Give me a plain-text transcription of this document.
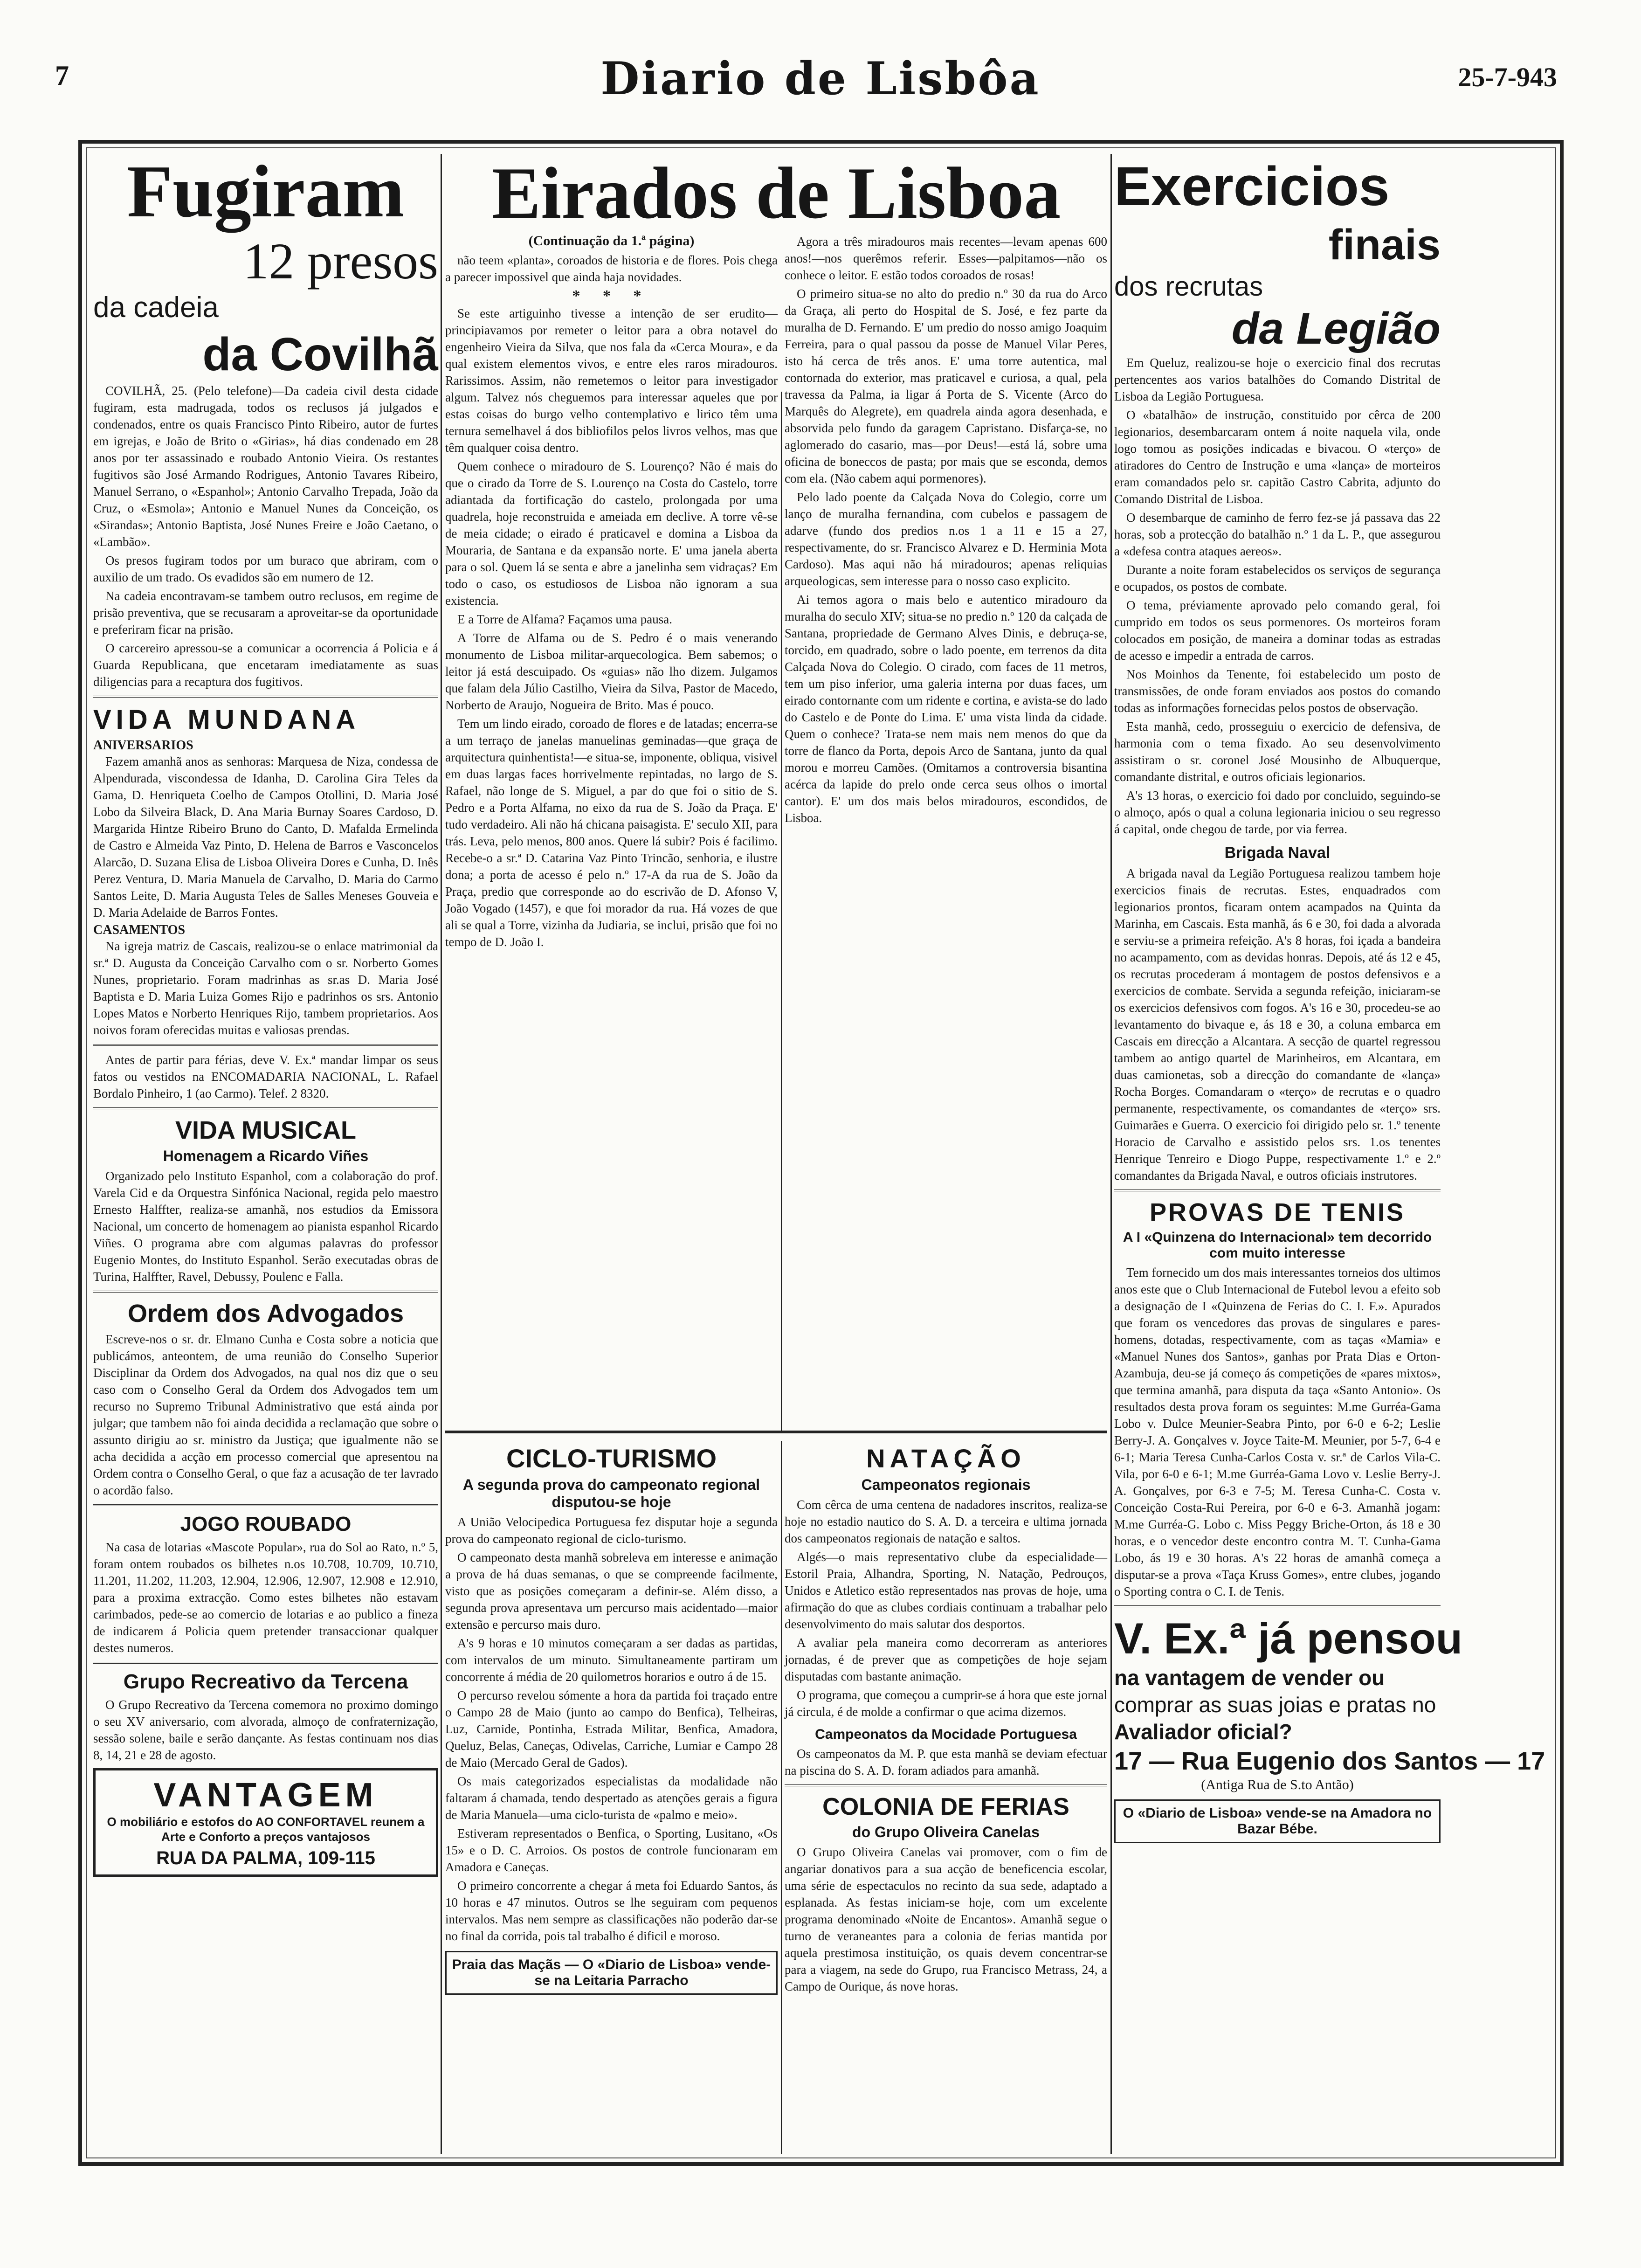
7	Diario de Lisbôa	25-7-943
Fugiram
12 presos
da cadeia
da Covilhã

COVILHÃ, 25. (Pelo telefone)—Da cadeia civil desta cidade fugiram, esta madrugada, todos os reclusos já julgados e condenados, entre os quais Francisco Pinto Ribeiro, autor de furtes em igrejas, e João de Brito o «Girias», há dias condenado em 28 anos por ter assassinado e roubado Antonio Vieira. Os restantes fugitivos são José Armando Rodrigues, Antonio Tavares Ribeiro, Manuel Serrano, o «Espanhol»; Antonio Carvalho Trepada, João da Cruz, o «Esmola»; Antonio e Manuel Nunes da Conceição, os «Sirandas»; Antonio Baptista, José Nunes Freire e João Caetano, o «Lambão».

Os presos fugiram todos por um buraco que abriram, com o auxilio de um trado. Os evadidos são em numero de 12.

Na cadeia encontravam-se tambem outro reclusos, em regime de prisão preventiva, que se recusaram a aproveitar-se da oportunidade e preferiram ficar na prisão.

O carcereiro apressou-se a comunicar a ocorrencia á Policia e á Guarda Republicana, que encetaram imediatamente as suas diligencias para a recaptura dos fugitivos.

VIDA MUNDANA
ANIVERSARIOS

Fazem amanhã anos as senhoras: Marquesa de Niza, condessa de Alpendurada, viscondessa de Idanha, D. Carolina Gira Teles da Gama, D. Henriqueta Coelho de Campos Otollini, D. Maria José Lobo da Silveira Black, D. Ana Maria Burnay Soares Cardoso, D. Margarida Hintze Ribeiro Bruno do Canto, D. Mafalda Ermelinda de Castro e Almeida Vaz Pinto, D. Helena de Barros e Vasconcelos Alarcão, D. Suzana Elisa de Lisboa Oliveira Dores e Cunha, D. Inês Perez Ventura, D. Maria Manuela de Carvalho, D. Maria do Carmo Santos Leite, D. Maria Augusta Teles de Salles Meneses Gouveia e D. Maria Adelaide de Barros Fontes.

CASAMENTOS

Na igreja matriz de Cascais, realizou-se o enlace matrimonial da sr.ª D. Augusta da Conceição Carvalho com o sr. Norberto Gomes Nunes, proprietario. Foram madrinhas as sr.as D. Maria José Baptista e D. Maria Luiza Gomes Rijo e padrinhos os srs. Antonio Lopes Matos e Norberto Henriques Rijo, tambem proprietarios. Aos noivos foram oferecidas muitas e valiosas prendas.

Antes de partir para férias, deve V. Ex.ª mandar limpar os seus fatos ou vestidos na ENCOMADARIA NACIONAL, L. Rafael Bordalo Pinheiro, 1 (ao Carmo). Telef. 2 8320.

VIDA MUSICAL
Homenagem a Ricardo Viñes

Organizado pelo Instituto Espanhol, com a colaboração do prof. Varela Cid e da Orquestra Sinfónica Nacional, regida pelo maestro Ernesto Halffter, realiza-se amanhã, nos estudios da Emissora Nacional, um concerto de homenagem ao pianista espanhol Ricardo Viñes. O programa abre com algumas palavras do professor Eugenio Montes, do Instituto Espanhol. Serão executadas obras de Turina, Halffter, Ravel, Debussy, Poulenc e Falla.

Ordem dos Advogados

Escreve-nos o sr. dr. Elmano Cunha e Costa sobre a noticia que publicámos, anteontem, de uma reunião do Conselho Superior Disciplinar da Ordem dos Advogados, na qual nos diz que o seu caso com o Conselho Geral da Ordem dos Advogados tem um recurso no Supremo Tribunal Administrativo que está ainda por julgar; que tambem não foi ainda decidida a reclamação que sobre o assunto dirigiu ao sr. ministro da Justiça; que igualmente não se acha decidida a acção em processo comercial que apresentou na Ordem contra o Conselho Geral, o que faz a acusação de ter lavrado o acordão falso.

JOGO ROUBADO

Na casa de lotarias «Mascote Popular», rua do Sol ao Rato, n.º 5, foram ontem roubados os bilhetes n.os 10.708, 10.709, 10.710, 11.201, 11.202, 11.203, 12.904, 12.906, 12.907, 12.908 e 12.910, para a proxima extracção. Como estes bilhetes não estavam carimbados, pede-se ao comercio de lotarias e ao publico a fineza de indicarem á Policia quem pretender transaccionar qualquer destes numeros.

Grupo Recreativo da Tercena

O Grupo Recreativo da Tercena comemora no proximo domingo o seu XV aniversario, com alvorada, almoço de confraternização, sessão solene, baile e serão dançante. As festas continuam nos dias 8, 14, 21 e 28 de agosto.

VANTAGEM
O mobiliário e estofos do AO CONFORTAVEL reunem a Arte e Conforto a preços vantajosos
RUA DA PALMA, 109-115
Eirados de Lisboa
(Continuação da 1.ª página)

não teem «planta», coroados de historia e de flores. Pois chega a parecer impossivel que ainda haja novidades.

* * *

Se este artiguinho tivesse a intenção de ser erudito—principiavamos por remeter o leitor para a obra notavel do engenheiro Vieira da Silva, que nos fala da «Cerca Moura», e da qual existem elementos vivos, e entre eles raros miradouros. Rarissimos. Assim, não remetemos o leitor para investigador algum. Talvez nós cheguemos para interessar aqueles que por estas coisas do burgo velho contemplativo e lirico têm uma ternura semelhavel á dos bibliofilos pelos livros velhos, mas que têm qualquer coisa dentro.

Quem conhece o miradouro de S. Lourenço? Não é mais do que o cirado da Torre de S. Lourenço na Costa do Castelo, torre adiantada da fortificação do castelo, prolongada por uma quadrela, hoje reconstruida e ameiada em declive. A torre vê-se de meia cidade; o eirado é praticavel e domina a Lisboa da Mouraria, de Santana e da expansão norte. E' uma janela aberta para o sol. Quem lá se senta e abre a janelinha sem vidraças? Em todo o caso, os estudiosos de Lisboa não ignoram a sua existencia.

E a Torre de Alfama? Façamos uma pausa.

A Torre de Alfama ou de S. Pedro é o mais venerando monumento de Lisboa militar-arquecologica. Bem sabemos; o leitor já está descuipado. Os «guias» não lho dizem. Julgamos que falam dela Júlio Castilho, Vieira da Silva, Pastor de Macedo, Norberto de Araujo, Nogueira de Brito. Mas é pouco.

Tem um lindo eirado, coroado de flores e de latadas; encerra-se a um terraço de janelas manuelinas geminadas—que graça de arquitectura quinhentista!—e situa-se, imponente, obliqua, visivel em duas largas faces horrivelmente repintadas, no largo de S. Rafael, não longe de S. Miguel, a par do que foi o sitio de S. Pedro e a Porta Alfama, no eixo da rua de S. João da Praça. E' tudo verdadeiro. Ali não há chicana paisagista. E' seculo XII, para trás. Leva, pelo menos, 800 anos. Quere lá subir? Pois é facilimo. Recebe-o a sr.ª D. Catarina Vaz Pinto Trincão, senhoria, e ilustre dona; a porta de acesso é pelo n.º 17-A da rua de S. João da Praça, predio que corresponde ao do escrivão de D. Afonso V, João Vogado (1457), e que foi morador da rua. Há vozes de que ali se qual a Torre, vizinha da Judiaria, se inclui, prisão que foi no tempo de D. João I.

Agora a três miradouros mais recentes—levam apenas 600 anos!—nos querêmos referir. Esses—palpitamos—não os conhece o leitor. E estão todos coroados de rosas!

O primeiro situa-se no alto do predio n.º 30 da rua do Arco da Graça, ali perto do Hospital de S. José, e fez parte da muralha de D. Fernando. E' um predio do nosso amigo Joaquim Ferreira, para o qual passou da posse de Manuel Vilar Peres, isto há cerca de três anos. E' uma torre autentica, mal contornada do exterior, mas praticavel e curiosa, a qual, pela travessa da Palma, ia ligar á Porta de S. Vicente (Arco do Marquês do Alegrete), em quadrela ainda agora desenhada, e absorvida pelo fundo da garagem Capristano. Disfarça-se, no aglomerado do casario, mas—por Deus!—está lá, sobre uma oficina de boneccos de pasta; por mais que se esconda, demos com ela. (Não cabem aqui pormenores).

Pelo lado poente da Calçada Nova do Colegio, corre um lanço de muralha fernandina, com cubelos e passagem de adarve (fundo dos predios n.os 1 a 11 e 15 a 27, respectivamente, do sr. Francisco Alvarez e D. Herminia Mota Cardoso). Mas aqui não há miradouros; apenas reliquias arqueologicas, sem interesse para o nosso caso explicito.

Ai temos agora o mais belo e autentico miradouro da muralha do seculo XIV; situa-se no predio n.º 120 da calçada de Santana, propriedade de Germano Alves Dinis, e debruça-se, torcido, em quadrado, sobre o lado poente, em terrenos da dita Calçada Nova do Colegio. O cirado, com faces de 11 metros, tem um piso inferior, uma galeria interna por duas faces, um eirado contornante com um ridente e cortina, e avista-se do lado do Castelo e de Ponte do Lima. E' uma vista linda da cidade. Quem o conhece? Trata-se nem mais nem menos do que da torre de flanco da Porta, depois Arco de Santana, junto da qual morou e morreu Camões. (Omitamos a controversia bisantina acérca da lapide do prelo onde cerca seus olhos o imortal cantor). E' um dos mais belos miradouros, escondidos, de Lisboa.

CICLO-TURISMO
A segunda prova do campeonato regional disputou-se hoje

A União Velocipedica Portuguesa fez disputar hoje a segunda prova do campeonato regional de ciclo-turismo.

O campeonato desta manhã sobreleva em interesse e animação a prova de há duas semanas, o que se compreende facilmente, visto que as posições começaram a definir-se. Além disso, a segunda prova apresentava um percurso mais acidentado—maior extensão e percurso mais duro.

A's 9 horas e 10 minutos começaram a ser dadas as partidas, com intervalos de um minuto. Simultaneamente partiram um concorrente á média de 20 quilometros horarios e outro á de 15.

O percurso revelou sómente a hora da partida foi traçado entre o Campo 28 de Maio (junto ao campo do Benfica), Telheiras, Luz, Carnide, Pontinha, Estrada Militar, Benfica, Amadora, Queluz, Belas, Caneças, Odivelas, Carriche, Lumiar e Campo 28 de Maio (Mercado Geral de Gados).

Os mais categorizados especialistas da modalidade não faltaram á chamada, tendo despertado as atenções gerais a figura de Maria Manuela—uma ciclo-turista de «palmo e meio».

Estiveram representados o Benfica, o Sporting, Lusitano, «Os 15» e o D. C. Arroios. Os postos de controle funcionaram em Amadora e Caneças.

O primeiro concorrente a chegar á meta foi Eduardo Santos, ás 10 horas e 47 minutos. Outros se lhe seguiram com pequenos intervalos. Mas nem sempre as classificações não poderão dar-se no final da corrida, pois tal trabalho é dificil e moroso.

Praia das Maçãs — O «Diario de Lisboa» vende-se na Leitaria Parracho
NATAÇÃO
Campeonatos regionais

Com cêrca de uma centena de nadadores inscritos, realiza-se hoje no estadio nautico do S. A. D. a terceira e ultima jornada dos campeonatos regionais de natação e saltos.

Algés—o mais representativo clube da especialidade—Estoril Praia, Alhandra, Sporting, N. Natação, Pedrouços, Unidos e Atletico estão representados nas provas de hoje, uma afirmação do que as clubes cordiais continuam a trabalhar pelo desenvolvimento do mais salutar dos desportos.

A avaliar pela maneira como decorreram as anteriores jornadas, é de prever que as competições de hoje sejam disputadas com bastante animação.

O programa, que começou a cumprir-se á hora que este jornal já circula, é de molde a confirmar o que acima dizemos.

Campeonatos da Mocidade Portuguesa

Os campeonatos da M. P. que esta manhã se deviam efectuar na piscina do S. A. D. foram adiados para amanhã.

COLONIA DE FERIAS
do Grupo Oliveira Canelas

O Grupo Oliveira Canelas vai promover, com o fim de angariar donativos para a sua acção de beneficencia escolar, uma série de espectaculos no recinto da sua sede, adaptado a esplanada. As festas iniciam-se hoje, com um excelente programa denominado «Noite de Encantos». Amanhã segue o turno de veraneantes para a colonia de ferias mantida por aquela prestimosa instituição, os quais devem concentrar-se para a viagem, na sede do Grupo, rua Francisco Metrass, 24, a Campo de Ourique, ás nove horas.

Exercicios
finais
dos recrutas
da Legião

Em Queluz, realizou-se hoje o exercicio final dos recrutas pertencentes aos varios batalhões do Comando Distrital de Lisboa da Legião Portuguesa.

O «batalhão» de instrução, constituido por cêrca de 200 legionarios, desembarcaram ontem á noite naquela vila, onde logo tomou as posições indicadas e bivacou. O «terço» de atiradores do Centro de Instrução e uma «lança» de morteiros eram comandados pelo sr. capitão Castro Cabrita, adjunto do Comando Distrital de Lisboa.

O desembarque de caminho de ferro fez-se já passava das 22 horas, sob a protecção do batalhão n.º 1 da L. P., que assegurou a «defesa contra ataques aereos».

Durante a noite foram estabelecidos os serviços de segurança e ocupados, os postos de combate.

O tema, préviamente aprovado pelo comando geral, foi cumprido em todos os seus pormenores. Os morteiros foram colocados em posição, de maneira a dominar todas as estradas de acesso e impedir a entrada de carros.

Nos Moinhos da Tenente, foi estabelecido um posto de transmissões, de onde foram enviados aos postos do comando todas as informações fornecidas pelos postos de observação.

Esta manhã, cedo, prosseguiu o exercicio de defensiva, de harmonia com o tema fixado. Ao seu desenvolvimento assistiram o sr. coronel José Mousinho de Albuquerque, comandante distrital, e outros oficiais legionarios.

A's 13 horas, o exercicio foi dado por concluido, seguindo-se o almoço, após o qual a coluna legionaria iniciou o seu regresso á capital, onde chegou de tarde, por via ferrea.

Brigada Naval

A brigada naval da Legião Portuguesa realizou tambem hoje exercicios finais de recrutas. Estes, enquadrados com legionarios prontos, ficaram ontem acampados na Quinta da Marinha, em Cascais. Esta manhã, ás 6 e 30, foi dada a alvorada e serviu-se a primeira refeição. A's 8 horas, foi içada a bandeira no acampamento, com as devidas honras. Depois, até ás 12 e 45, os recrutas procederam á montagem de postos defensivos e a exercicios de combate. Servida a segunda refeição, iniciaram-se os exercicios defensivos com fogos. A's 16 e 30, procedeu-se ao levantamento do bivaque e, ás 18 e 30, a coluna embarca em Cascais em direcção a Alcantara. A secção de quartel regressou tambem ao antigo quartel de Marinheiros, em Alcantara, em duas camionetas, sob a direcção do comandante de «lança» Rocha Borges. Comandaram o «terço» de recrutas e o quadro permanente, respectivamente, os comandantes de «terço» srs. Guimarães e Guerra. O exercicio foi dirigido pelo sr. 1.º tenente Horacio de Carvalho e assistido pelos srs. 1.os tenentes Henrique Tenreiro e Diogo Puppe, respectivamente 1.º e 2.º comandantes da Brigada Naval, e outros oficiais instrutores.

PROVAS DE TENIS
A I «Quinzena do Internacional» tem decorrido com muito interesse

Tem fornecido um dos mais interessantes torneios dos ultimos anos este que o Club Internacional de Futebol levou a efeito sob a designação de I «Quinzena de Ferias do C. I. F.». Apurados que foram os vencedores das provas de singulares e pares-homens, dotadas, respectivamente, com as taças «Mamia» e «Manuel Nunes dos Santos», ganhas por Prata Dias e Orton-Azambuja, deu-se já começo ás competições de «pares mixtos», que termina amanhã, para disputa da taça «Santo Antonio». Os resultados desta prova foram os seguintes: M.me Gurréa-Gama Lobo v. Dulce Meunier-Seabra Pinto, por 6-0 e 6-2; Leslie Berry-J. A. Gonçalves v. Joyce Taite-M. Meunier, por 5-7, 6-4 e 6-1; Maria Teresa Cunha-Carlos Costa v. sr.ª de Carlos Vila-C. Vila, por 6-0 e 6-1; M.me Gurréa-Gama Lovo v. Leslie Berry-J. A. Gonçalves, por 6-3 e 7-5; M. Teresa Cunha-C. Costa v. Conceição Costa-Rui Pereira, por 6-0 e 6-3. Amanhã jogam: M.me Gurréa-G. Lobo c. Miss Peggy Briche-Orton, ás 18 e 30 horas, e o vencedor deste encontro contra M. T. Cunha-Gama Lobo, ás 19 e 30 horas. A's 22 horas de amanhã começa a disputar-se a prova «Taça Kruss Gomes», entre clubes, jogando o Sporting contra o C. I. de Tenis.

V. Ex.ª já pensou
na vantagem de vender ou
comprar as suas joias e pratas no
Avaliador oficial?
17 — Rua Eugenio dos Santos — 17
(Antiga Rua de S.to Antão)
O «Diario de Lisboa» vende-se na Amadora no Bazar Bébe.
